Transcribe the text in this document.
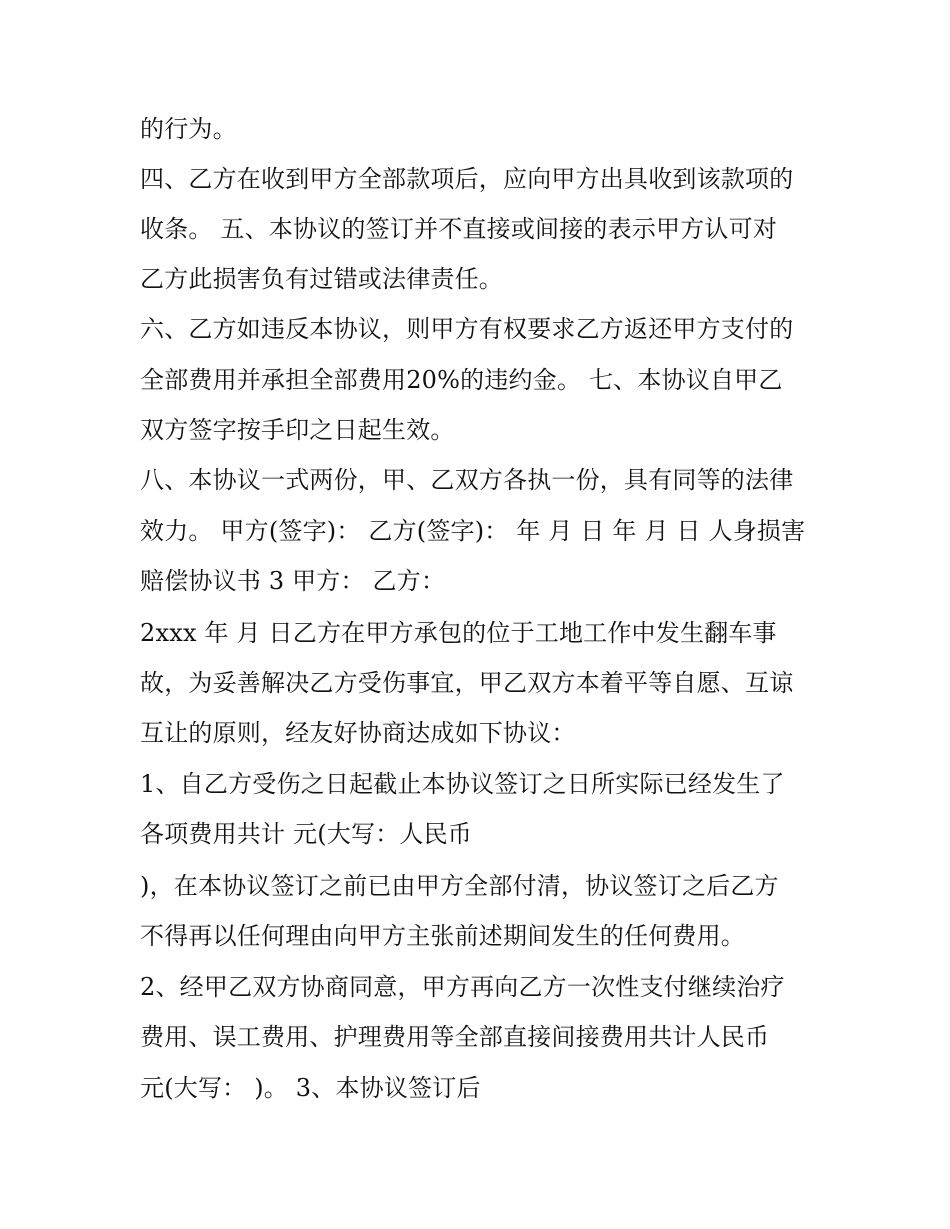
的行为。
四、乙方在收到甲方全部款项后，应向甲方出具收到该款项的
收条。 五、本协议的签订并不直接或间接的表示甲方认可对
乙方此损害负有过错或法律责任。
六、乙方如违反本协议，则甲方有权要求乙方返还甲方支付的
全部费用并承担全部费用20%的违约金。 七、本协议自甲乙
双方签字按手印之日起生效。
八、本协议一式两份，甲、乙双方各执一份，具有同等的法律
效力。 甲方(签字)： 乙方(签字)： 年 月 日 年 月 日 人身损害
赔偿协议书 3 甲方： 乙方：
2xxx 年 月 日乙方在甲方承包的位于工地工作中发生翻车事
故，为妥善解决乙方受伤事宜，甲乙双方本着平等自愿、互谅
互让的原则，经友好协商达成如下协议：
1、自乙方受伤之日起截止本协议签订之日所实际已经发生了
各项费用共计 元(大写：人民币
)，在本协议签订之前已由甲方全部付清，协议签订之后乙方
不得再以任何理由向甲方主张前述期间发生的任何费用。
2、经甲乙双方协商同意，甲方再向乙方一次性支付继续治疗
费用、误工费用、护理费用等全部直接间接费用共计人民币
元(大写： )。 3、本协议签订后
